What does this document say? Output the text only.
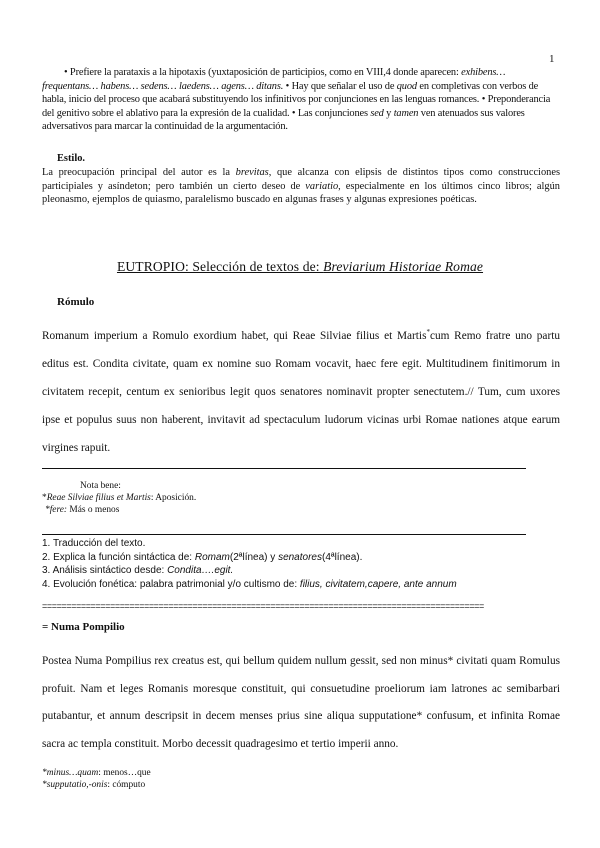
1
• Prefiere la parataxis a la hipotaxis (yuxtaposición de participios, como en VIII,4 donde aparecen: exhibens… frequentans… habens… sedens… laedens… agens… ditans. • Hay que señalar el uso de quod en completivas con verbos de habla, inicio del proceso que acabará substituyendo los infinitivos por conjunciones en las lenguas romances. • Preponderancia del genitivo sobre el ablativo para la expresión de la cualidad. • Las conjunciones sed y tamen ven atenuados sus valores adversativos para marcar la continuidad de la argumentación.
Estilo.
La preocupación principal del autor es la brevitas, que alcanza con elipsis de distintos tipos como construcciones participiales y asíndeton; pero también un cierto deseo de variatio, especialmente en los últimos cinco libros; algún pleonasmo, ejemplos de quiasmo, paralelismo buscado en algunas frases y algunas expresiones poéticas.
EUTROPIO: Selección de textos de: Breviarium Historiae Romae
Rómulo
Romanum imperium a Romulo exordium habet, qui Reae Silviae filius et Martis*cum Remo fratre uno partu editus est. Condita civitate, quam ex nomine suo Romam vocavit, haec fere egit. Multitudinem finitimorum in civitatem recepit, centum ex senioribus legit quos senatores nominavit propter senectutem.// Tum, cum uxores ipse et populus suus non haberent, invitavit ad spectaculum ludorum vicinas urbi Romae nationes atque earum virgines rapuit.
Nota bene:
*Reae Silviae filius et Martis: Aposición.
*fere: Más o menos
1. Traducción del texto.
2. Explica la función sintáctica de: Romam(2ªlínea) y senatores(4ªlínea).
3. Análisis sintáctico desde: Condita….egit.
4. Evolución fonética: palabra patrimonial y/o cultismo de: filius, civitatem,capere, ante annum
===========================================================================================
= Numa Pompilio
Postea Numa Pompilius rex creatus est, qui bellum quidem nullum gessit, sed non minus* civitati quam Romulus profuit. Nam et leges Romanis moresque constituit, qui consuetudine proeliorum iam latrones ac semibarbari putabantur, et annum descripsit in decem menses prius sine aliqua supputatione* confusum, et infinita Romae sacra ac templa constituit. Morbo decessit quadragesimo et tertio imperii anno.
*minus…quam: menos…que
*supputatio,-onis: cómputo
